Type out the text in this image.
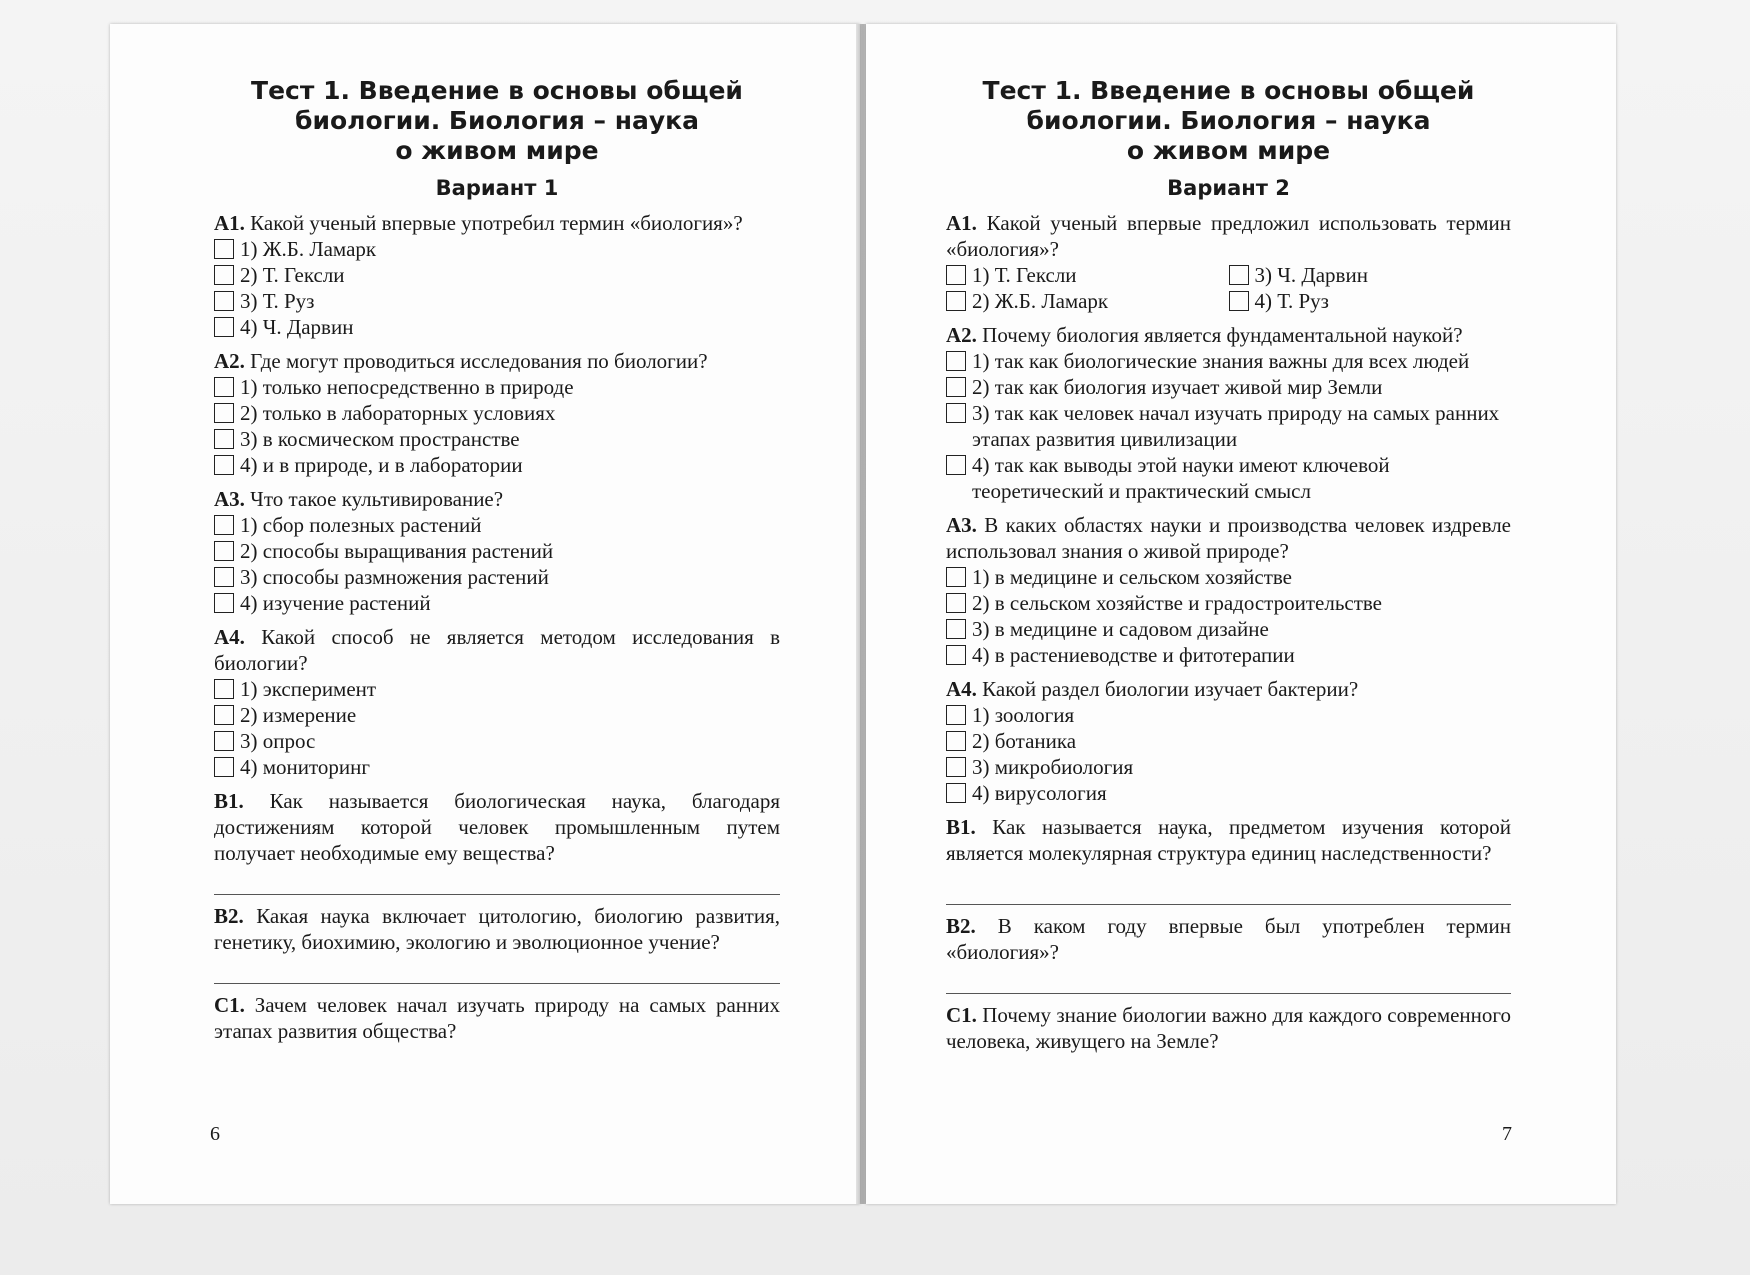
Тест 1. Введение в основы общей
биологии. Биология – наука
о живом мире
Вариант 1

А1. Какой ученый впервые употребил термин «биология»?

1) Ж.Б. Ламарк
2) Т. Гексли
3) Т. Руз
4) Ч. Дарвин

А2. Где могут проводиться исследования по биологии?

1) только непосредственно в природе
2) только в лабораторных условиях
3) в космическом пространстве
4) и в природе, и в лаборатории

А3. Что такое культивирование?

1) сбор полезных растений
2) способы выращивания растений
3) способы размножения растений
4) изучение растений

А4. Какой способ не является методом исследования в биологии?

1) эксперимент
2) измерение
3) опрос
4) мониторинг

В1. Как называется биологическая наука, благодаря достижениям которой человек промышленным путем получает необходимые ему вещества?

В2. Какая наука включает цитологию, биологию развития, генетику, биохимию, экологию и эволюционное учение?

С1. Зачем человек начал изучать природу на самых ранних этапах развития общества?

6
Тест 1. Введение в основы общей
биологии. Биология – наука
о живом мире
Вариант 2

А1. Какой ученый впервые предложил использовать термин «биология»?

1) Т. Гексли	3) Ч. Дарвин
2) Ж.Б. Ламарк	4) Т. Руз

А2. Почему биология является фундаментальной наукой?

1) так как биологические знания важны для всех людей
2) так как биология изучает живой мир Земли
3) так как человек начал изучать природу на самых ранних этапах развития цивилизации
4) так как выводы этой науки имеют ключевой теоретический и практический смысл

А3. В каких областях науки и производства человек издревле использовал знания о живой природе?

1) в медицине и сельском хозяйстве
2) в сельском хозяйстве и градостроительстве
3) в медицине и садовом дизайне
4) в растениеводстве и фитотерапии

А4. Какой раздел биологии изучает бактерии?

1) зоология
2) ботаника
3) микробиология
4) вирусология

В1. Как называется наука, предметом изучения которой является молекулярная структура единиц наследственности?

В2. В каком году впервые был употреблен термин «биология»?

С1. Почему знание биологии важно для каждого современного человека, живущего на Земле?

7
